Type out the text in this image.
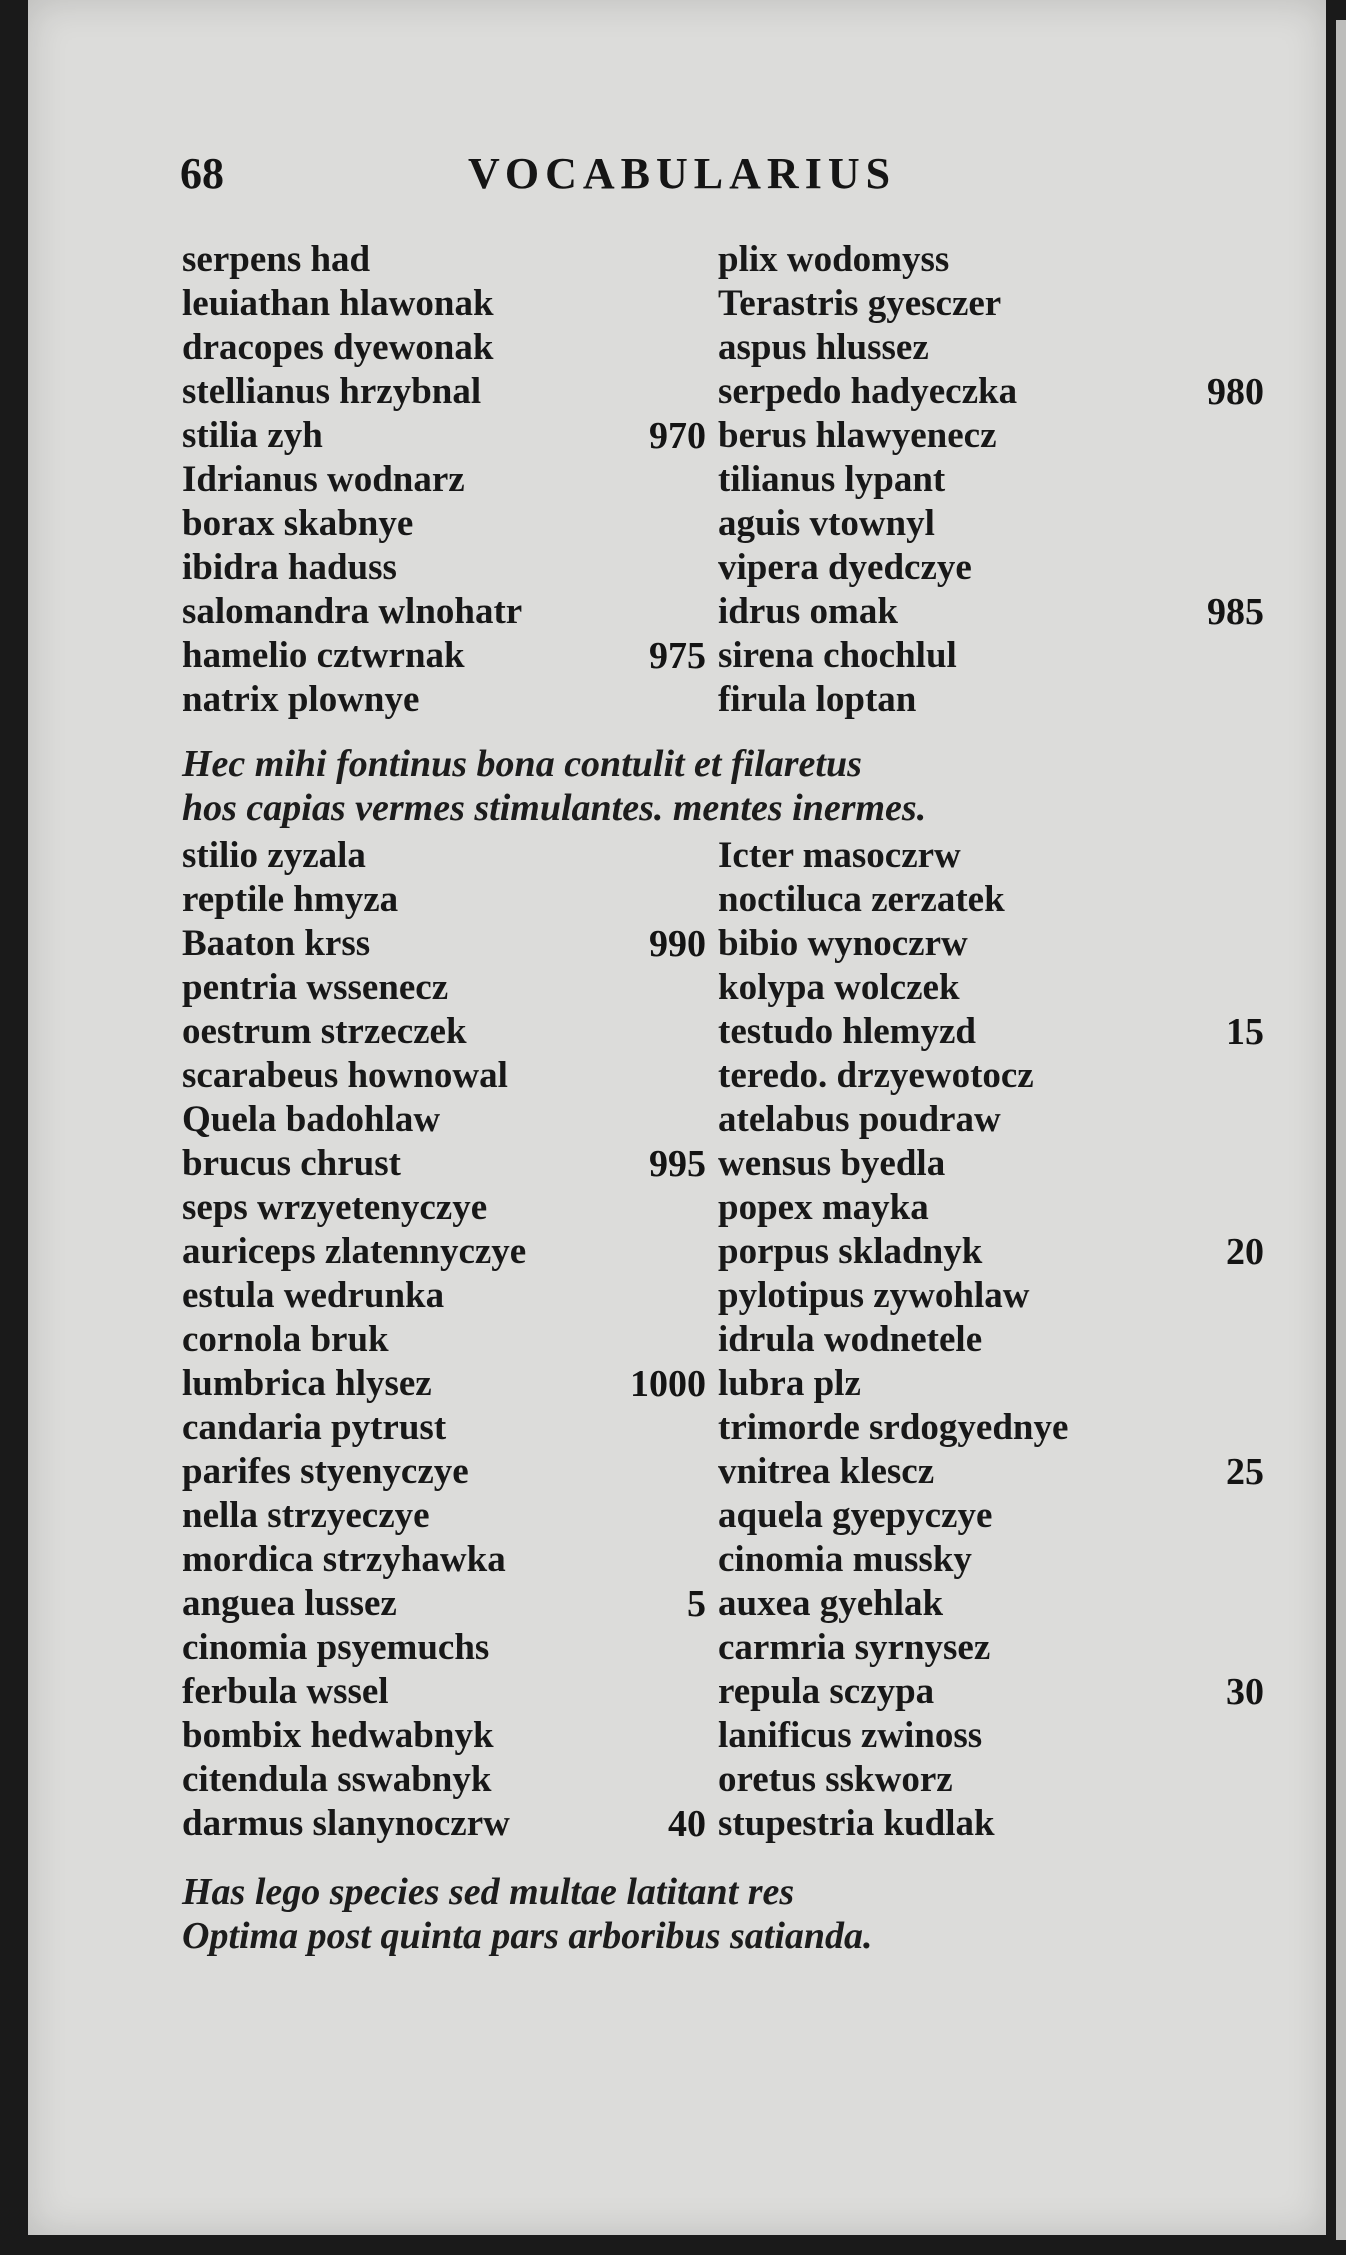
68	VOCABULARIUS
serpens had	plix wodomyss
leuiathan hlawonak	Terastris gyesczer
dracopes dyewonak	aspus hlussez
stellianus hrzybnal	serpedo hadyeczka	980
stilia zyh	970 berus hlawyenecz
Idrianus wodnarz	tilianus lypant
borax skabnye	aguis vtownyl
ibidra haduss	vipera dyedczye
salomandra wlnohatr	idrus omak	985
hamelio cztwrnak	975 sirena chochlul
natrix plownye	firula loptan
Hec mihi fontinus bona contulit et filaretus
hos capias vermes stimulantes. mentes inermes.
stilio zyzala	Icter masoczrw
reptile hmyza	noctiluca zerzatek
Baaton krss	990 bibio wynoczrw
pentria wssenecz	kolypa wolczek
oestrum strzeczek	testudo hlemyzd	15
scarabeus hownowal	teredo. drzyewotocz
Quela badohlaw	atelabus poudraw
brucus chrust	995 wensus byedla
seps wrzyetenyczye	popex mayka
auriceps zlatennyczye	porpus skladnyk	20
estula wedrunka	pylotipus zywohlaw
cornola bruk	idrula wodnetele
lumbrica hlysez	1000 lubra plz
candaria pytrust	trimorde srdogyednye
parifes styenyczye	vnitrea klescz	25
nella strzyeczye	aquela gyepyczye
mordica strzyhawka	cinomia mussky
anguea lussez	5 auxea gyehlak
cinomia psyemuchs	carmria syrnysez
ferbula wssel	repula sczypa	30
bombix hedwabnyk	lanificus zwinoss
citendula sswabnyk	oretus sskworz
darmus slanynoczrw	40 stupestria kudlak
Has lego species sed multae latitant res
Optima post quinta pars arboribus satianda.
